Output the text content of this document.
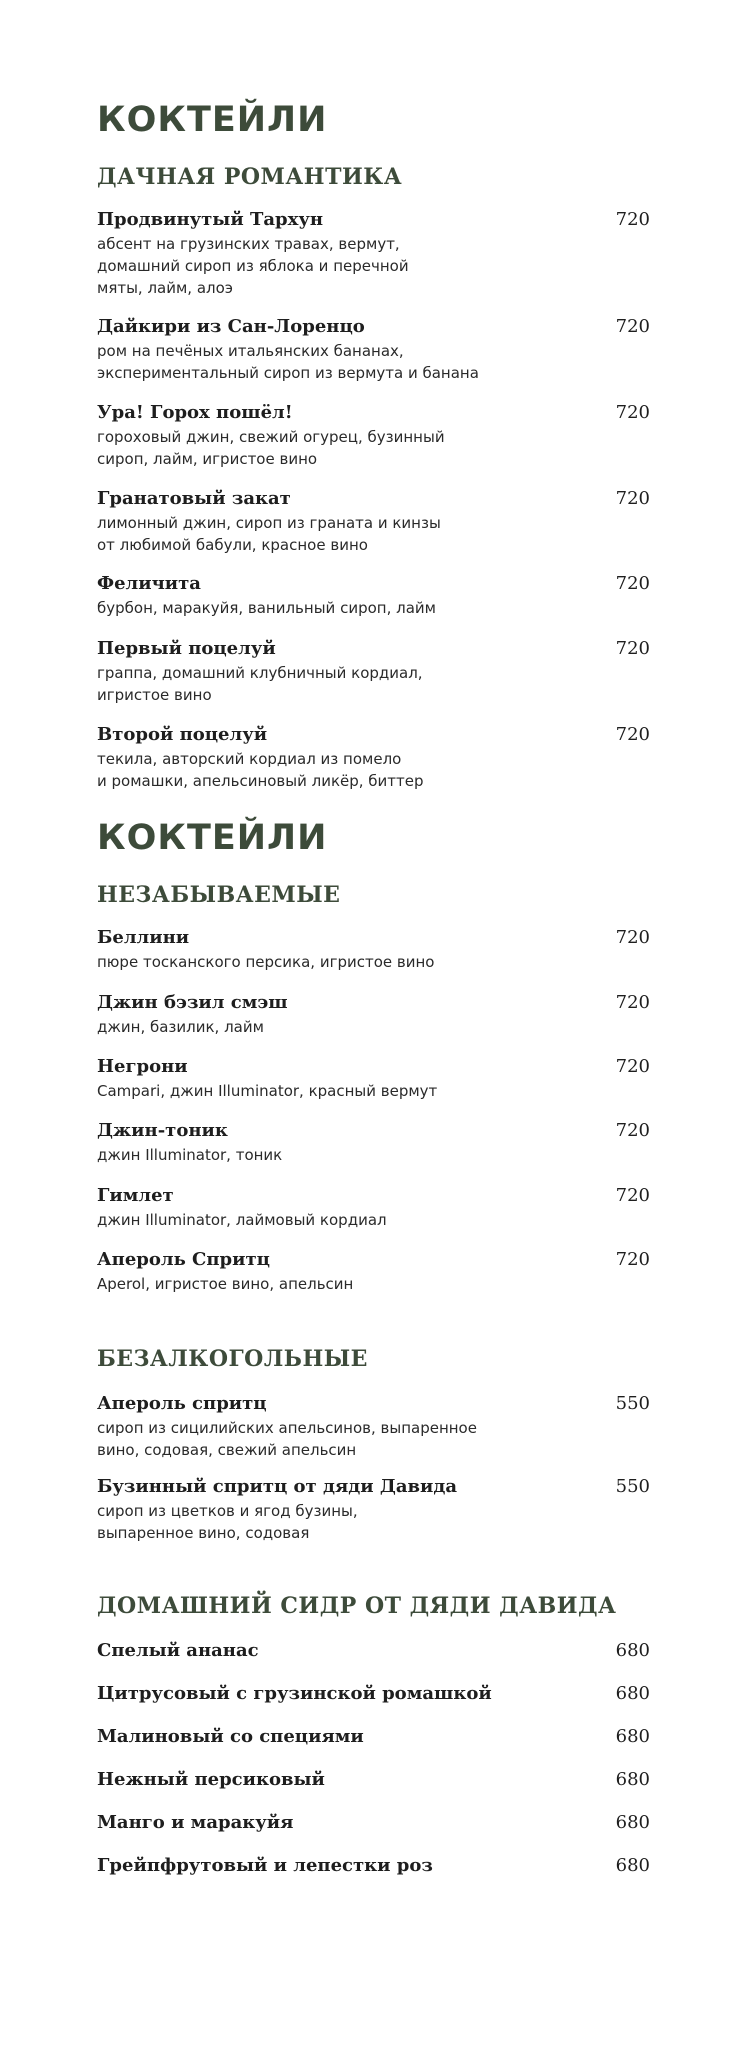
КОКТЕЙЛИ
ДАЧНАЯ РОМАНТИКА
Продвинутый Тархун	720
абсент на грузинских травах, вермут,
домашний сироп из яблока и перечной
мяты, лайм, алоэ
Дайкири из Сан-Лоренцо	720
ром на печёных итальянских бананах,
экспериментальный сироп из вермута и банана
Ура! Горох пошёл!	720
гороховый джин, свежий огурец, бузинный
сироп, лайм, игристое вино
Гранатовый закат	720
лимонный джин, сироп из граната и кинзы
от любимой бабули, красное вино
Феличита	720
бурбон, маракуйя, ванильный сироп, лайм
Первый поцелуй	720
граппа, домашний клубничный кордиал,
игристое вино
Второй поцелуй	720
текила, авторский кордиал из помело
и ромашки, апельсиновый ликёр, биттер
КОКТЕЙЛИ
НЕЗАБЫВАЕМЫЕ
Беллини	720
пюре тосканского персика, игристое вино
Джин бэзил смэш	720
джин, базилик, лайм
Негрони	720
Campari, джин Illuminator, красный вермут
Джин-тоник	720
джин Illuminator, тоник
Гимлет	720
джин Illuminator, лаймовый кордиал
Апероль Спритц	720
Aperol, игристое вино, апельсин
БЕЗАЛКОГОЛЬНЫЕ
Апероль спритц	550
сироп из сицилийских апельсинов, выпаренное
вино, содовая, свежий апельсин
Бузинный спритц от дяди Давида	550
сироп из цветков и ягод бузины,
выпаренное вино, содовая
ДОМАШНИЙ СИДР ОТ ДЯДИ ДАВИДА
Спелый ананас	680
Цитрусовый с грузинской ромашкой	680
Малиновый со специями	680
Нежный персиковый	680
Манго и маракуйя	680
Грейпфрутовый и лепестки роз	680
